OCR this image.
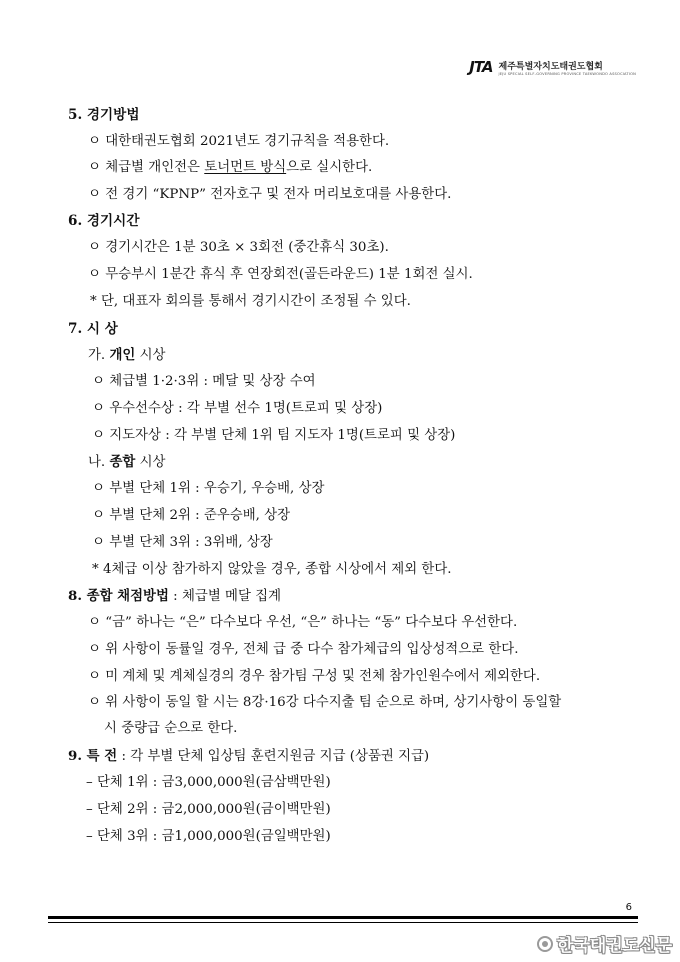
JTA 제주특별자치도태권도협회
JEJU SPECIAL SELF-GOVERNING PROVINCE TAEKWONDO ASSOCIATION
5. 경기방법
ㅇ 대한태권도협회 2021년도 경기규칙을 적용한다.
ㅇ 체급별 개인전은 토너먼트 방식으로 실시한다.
ㅇ 전 경기 “KPNP” 전자호구 및 전자 머리보호대를 사용한다.
6. 경기시간
ㅇ 경기시간은 1분 30초 × 3회전 (중간휴식 30초).
ㅇ 무승부시 1분간 휴식 후 연장회전(골든라운드) 1분 1회전 실시.
* 단, 대표자 회의를 통해서 경기시간이 조정될 수 있다.
7. 시 상
가. 개인 시상
ㅇ 체급별 1·2·3위 : 메달 및 상장 수여
ㅇ 우수선수상 : 각 부별 선수 1명(트로피 및 상장)
ㅇ 지도자상 : 각 부별 단체 1위 팀 지도자 1명(트로피 및 상장)
나. 종합 시상
ㅇ 부별 단체 1위 : 우승기, 우승배, 상장
ㅇ 부별 단체 2위 : 준우승배, 상장
ㅇ 부별 단체 3위 : 3위배, 상장
* 4체급 이상 참가하지 않았을 경우, 종합 시상에서 제외 한다.
8. 종합 채점방법 : 체급별 메달 집계
ㅇ “금” 하나는 “은” 다수보다 우선, “은” 하나는 “동” 다수보다 우선한다.
ㅇ 위 사항이 동률일 경우, 전체 급 중 다수 참가체급의 입상성적으로 한다.
ㅇ 미 계체 및 계체실경의 경우 참가팀 구성 및 전체 참가인원수에서 제외한다.
ㅇ 위 사항이 동일 할 시는 8강·16강 다수지출 팀 순으로 하며, 상기사항이 동일할
시 중량급 순으로 한다.
9. 특 전 : 각 부별 단체 입상팀 훈련지원금 지급 (상품권 지급)
– 단체 1위 : 금3,000,000원(금삼백만원)
– 단체 2위 : 금2,000,000원(금이백만원)
– 단체 3위 : 금1,000,000원(금일백만원)
6
한국태권도신문
